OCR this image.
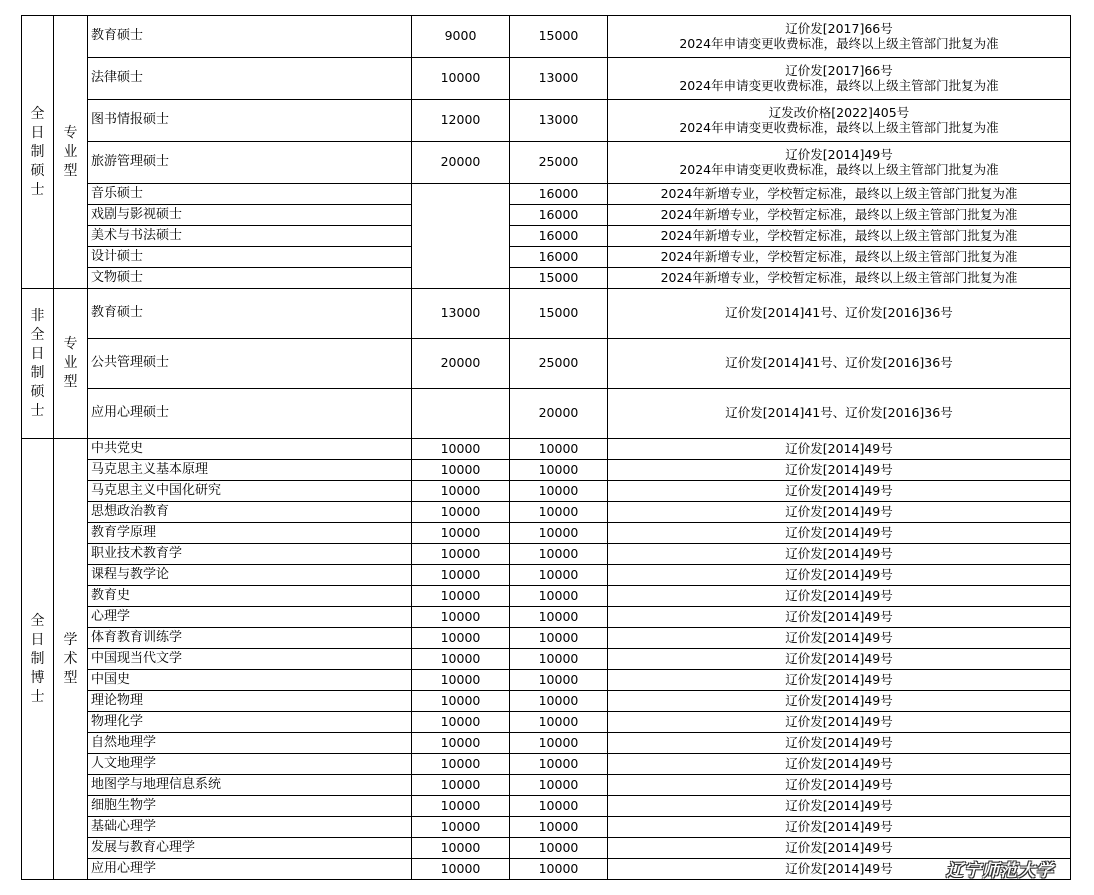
全日制硕士	专业型	教育硕士	9000	15000	辽价发[2017]66号
2024年申请变更收费标准，最终以上级主管部门批复为准

		法律硕士	10000	13000	辽价发[2017]66号
2024年申请变更收费标准，最终以上级主管部门批复为准

		图书情报硕士	12000	13000	辽发改价格[2022]405号
2024年申请变更收费标准，最终以上级主管部门批复为准

		旅游管理硕士	20000	25000	辽价发[2014]49号
2024年申请变更收费标准，最终以上级主管部门批复为准

		音乐硕士		16000	2024年新增专业，学校暂定标准，最终以上级主管部门批复为准

		戏剧与影视硕士		16000	2024年新增专业，学校暂定标准，最终以上级主管部门批复为准

		美术与书法硕士		16000	2024年新增专业，学校暂定标准，最终以上级主管部门批复为准

		设计硕士		16000	2024年新增专业，学校暂定标准，最终以上级主管部门批复为准

		文物硕士		15000	2024年新增专业，学校暂定标准，最终以上级主管部门批复为准

非全日制硕士	专业型	教育硕士	13000	15000	辽价发[2014]41号、辽价发[2016]36号

		公共管理硕士	20000	25000	辽价发[2014]41号、辽价发[2016]36号

		应用心理硕士		20000	辽价发[2014]41号、辽价发[2016]36号

全日制博士	学术型	中共党史	10000	10000	辽价发[2014]49号

		马克思主义基本原理	10000	10000	辽价发[2014]49号

		马克思主义中国化研究	10000	10000	辽价发[2014]49号

		思想政治教育	10000	10000	辽价发[2014]49号

		教育学原理	10000	10000	辽价发[2014]49号

		职业技术教育学	10000	10000	辽价发[2014]49号

		课程与教学论	10000	10000	辽价发[2014]49号

		教育史	10000	10000	辽价发[2014]49号

		心理学	10000	10000	辽价发[2014]49号

		体育教育训练学	10000	10000	辽价发[2014]49号

		中国现当代文学	10000	10000	辽价发[2014]49号

		中国史	10000	10000	辽价发[2014]49号

		理论物理	10000	10000	辽价发[2014]49号

		物理化学	10000	10000	辽价发[2014]49号

		自然地理学	10000	10000	辽价发[2014]49号

		人文地理学	10000	10000	辽价发[2014]49号

		地图学与地理信息系统	10000	10000	辽价发[2014]49号

		细胞生物学	10000	10000	辽价发[2014]49号

		基础心理学	10000	10000	辽价发[2014]49号

		发展与教育心理学	10000	10000	辽价发[2014]49号

		应用心理学	10000	10000	辽价发[2014]49号	辽宁师范大学
